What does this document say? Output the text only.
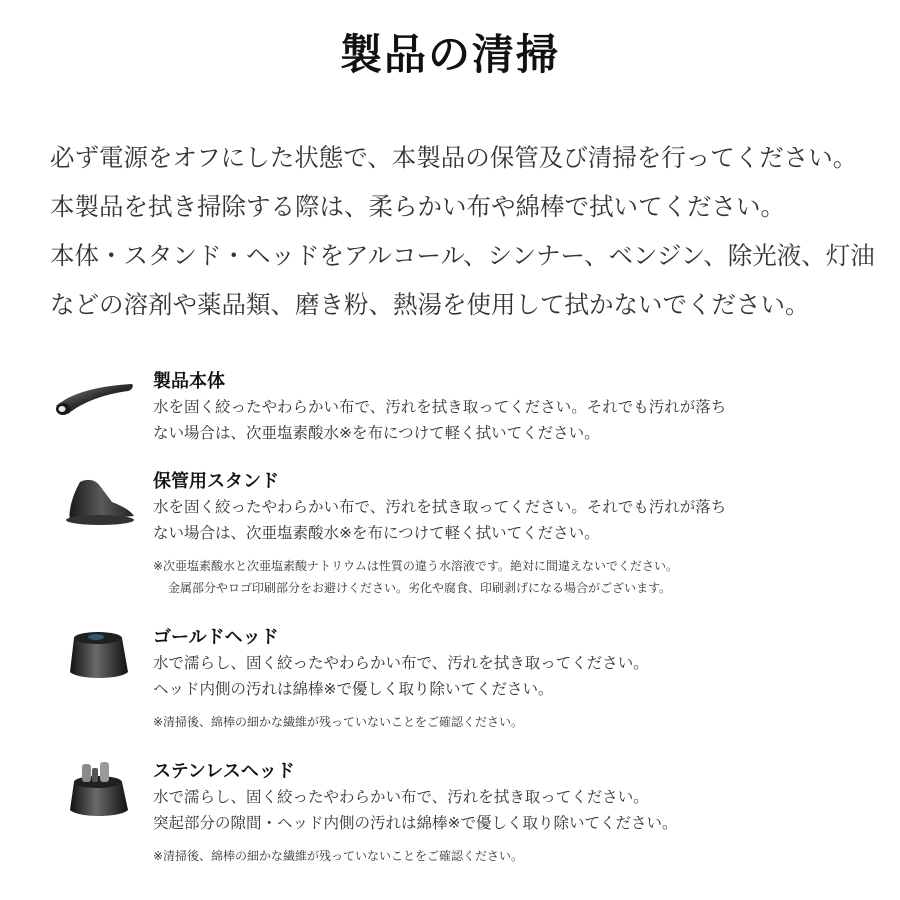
製品の清掃
必ず電源をオフにした状態で、本製品の保管及び清掃を行ってください。
本製品を拭き掃除する際は、柔らかい布や綿棒で拭いてください。
本体・スタンド・ヘッドをアルコール、シンナー、ベンジン、除光液、灯油
などの溶剤や薬品類、磨き粉、熱湯を使用して拭かないでください。
製品本体
水を固く絞ったやわらかい布で、汚れを拭き取ってください。それでも汚れが落ち
ない場合は、次亜塩素酸水※を布につけて軽く拭いてください。
保管用スタンド
水を固く絞ったやわらかい布で、汚れを拭き取ってください。それでも汚れが落ち
ない場合は、次亜塩素酸水※を布につけて軽く拭いてください。
※次亜塩素酸水と次亜塩素酸ナトリウムは性質の違う水溶液です。絶対に間違えないでください。
金属部分やロゴ印刷部分をお避けください。劣化や腐食、印刷剥げになる場合がございます。
ゴールドヘッド
水で濡らし、固く絞ったやわらかい布で、汚れを拭き取ってください。
ヘッド内側の汚れは綿棒※で優しく取り除いてください。
※清掃後、綿棒の細かな繊維が残っていないことをご確認ください。
ステンレスヘッド
水で濡らし、固く絞ったやわらかい布で、汚れを拭き取ってください。
突起部分の隙間・ヘッド内側の汚れは綿棒※で優しく取り除いてください。
※清掃後、綿棒の細かな繊維が残っていないことをご確認ください。
